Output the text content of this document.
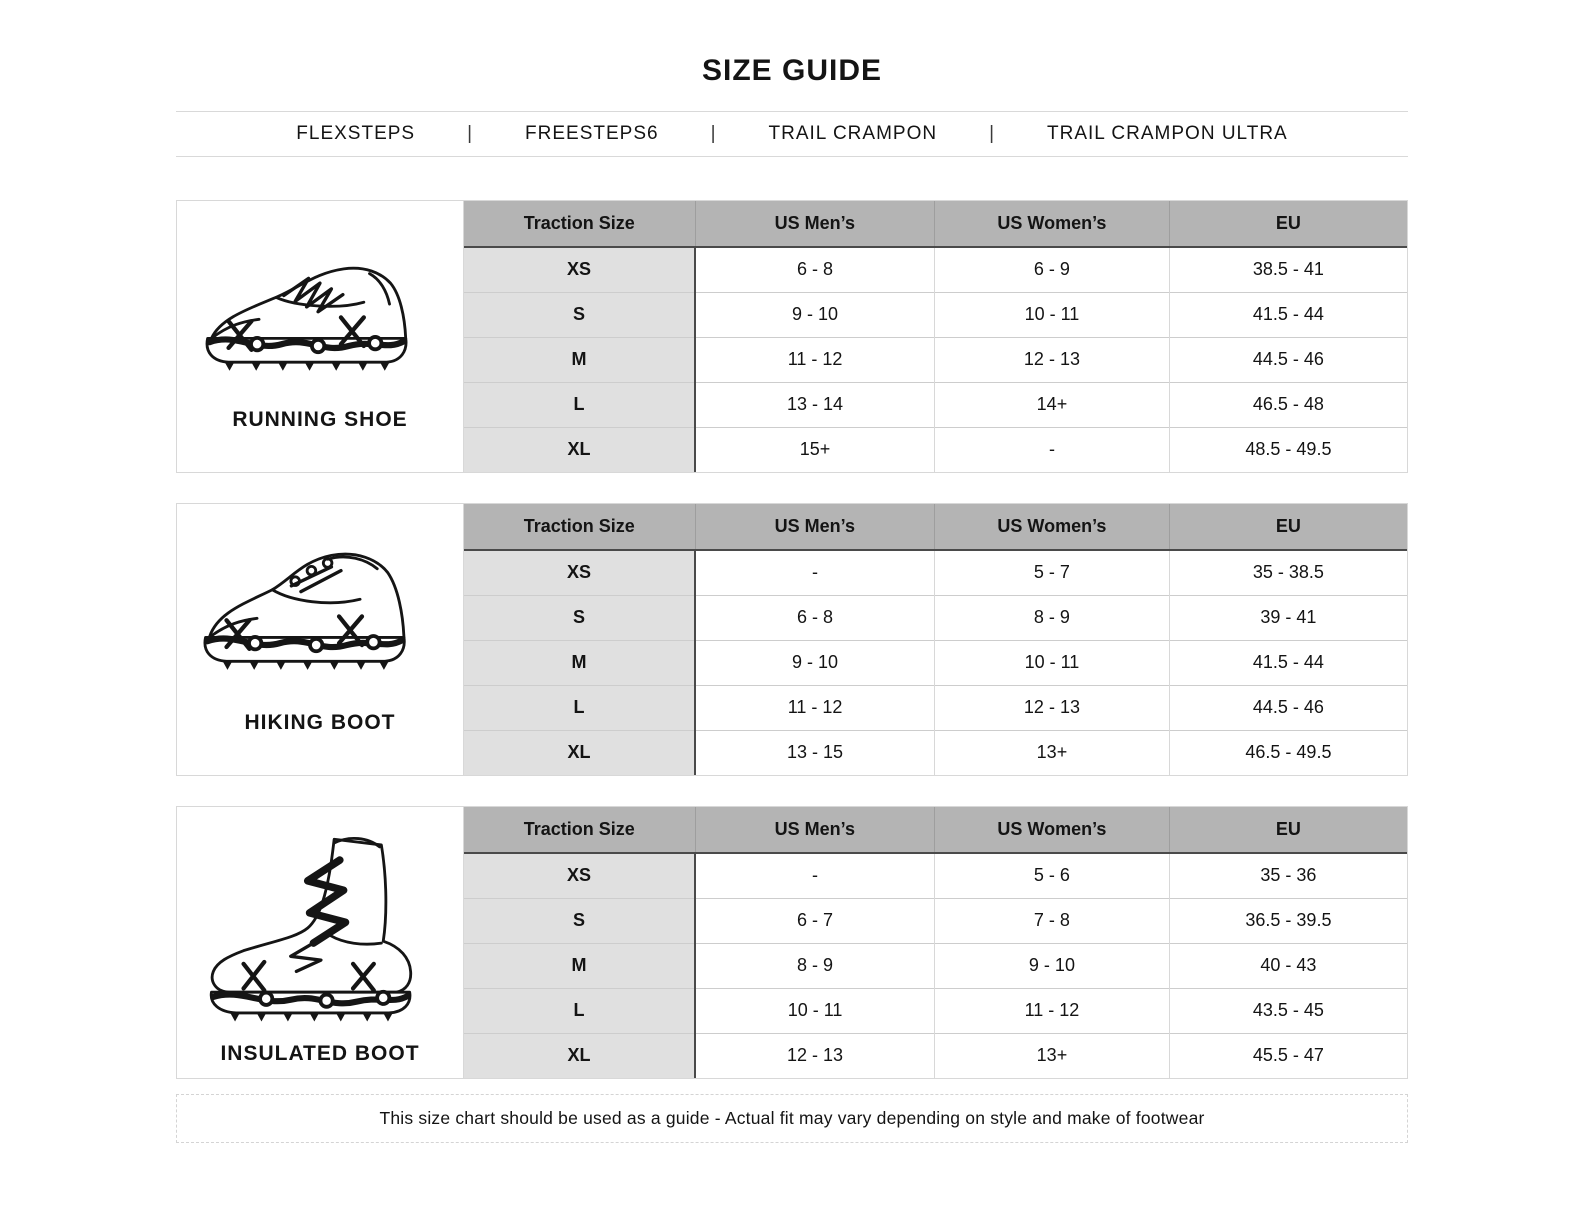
SIZE GUIDE
FLEXSTEPS	|	FREESTEPS6	|	TRAIL CRAMPON	|	TRAIL CRAMPON ULTRA
RUNNING SHOE
Traction Size	US Men’s	US Women’s	EU
XS	6 - 8	6 - 9	38.5 - 41
S	9 - 10	10 - 11	41.5 - 44
M	11 - 12	12 - 13	44.5 - 46
L	13 - 14	14+	46.5 - 48
XL	15+	-	48.5 - 49.5
HIKING BOOT
Traction Size	US Men’s	US Women’s	EU
XS	-	5 - 7	35 - 38.5
S	6 - 8	8 - 9	39 - 41
M	9 - 10	10 - 11	41.5 - 44
L	11 - 12	12 - 13	44.5 - 46
XL	13 - 15	13+	46.5 - 49.5
INSULATED BOOT
Traction Size	US Men’s	US Women’s	EU
XS	-	5 - 6	35 - 36
S	6 - 7	7 - 8	36.5 - 39.5
M	8 - 9	9 - 10	40 - 43
L	10 - 11	11 - 12	43.5 - 45
XL	12 - 13	13+	45.5 - 47
This size chart should be used as a guide - Actual fit may vary depending on style and make of footwear
